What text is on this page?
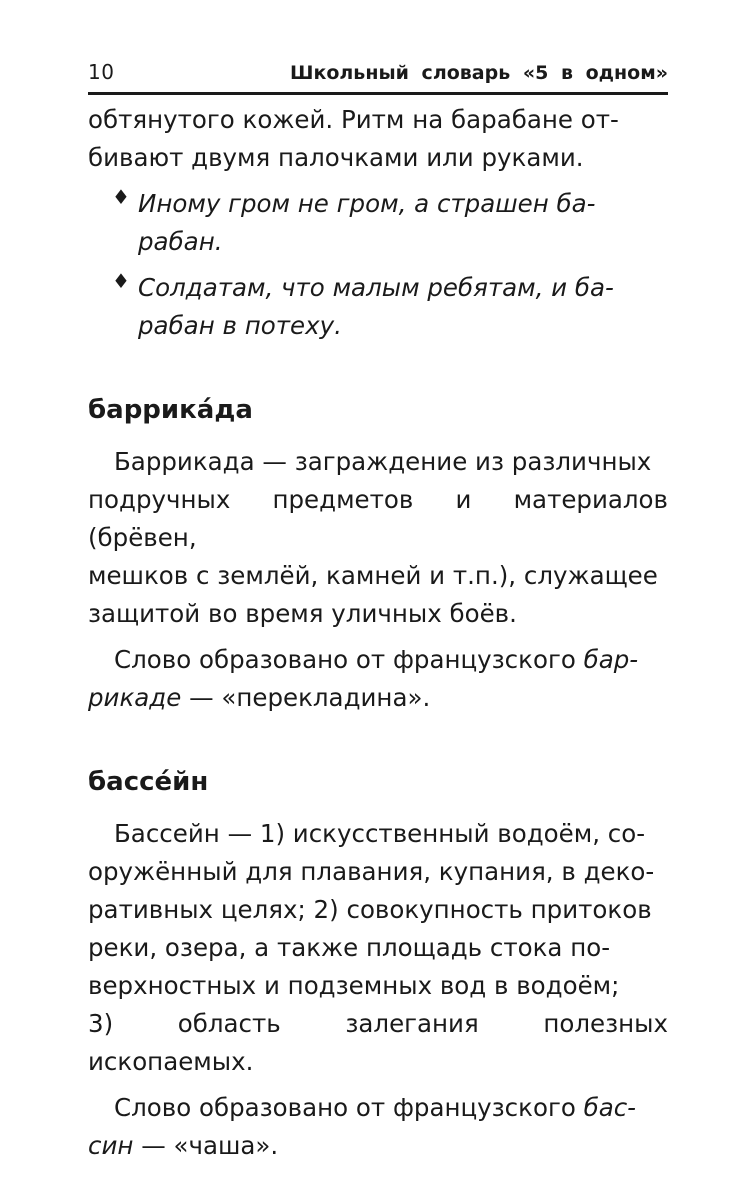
10	Школьный словарь «5 в одном»

обтянутого кожей. Ритм на барабане от-

бивают двумя палочками или руками.

♦ Иному гром не гром, а страшен ба-

рабан.

♦ Солдатам, что малым ребятам, и ба-

рабан в потеху.

баррика́да

Баррикада — заграждение из различных

подручных предметов и материалов (брёвен,

мешков с землёй, камней и т.п.), служащее

защитой во время уличных боёв.

Слово образовано от французского бар-

рикаде — «перекладина».

бассе́йн

Бассейн — 1) искусственный водоём, со-

оружённый для плавания, купания, в деко-

ративных целях; 2) совокупность притоков

реки, озера, а также площадь стока по-

верхностных и подземных вод в водоём;

3) область залегания полезных ископаемых.

Слово образовано от французского бас-

син — «чаша».
